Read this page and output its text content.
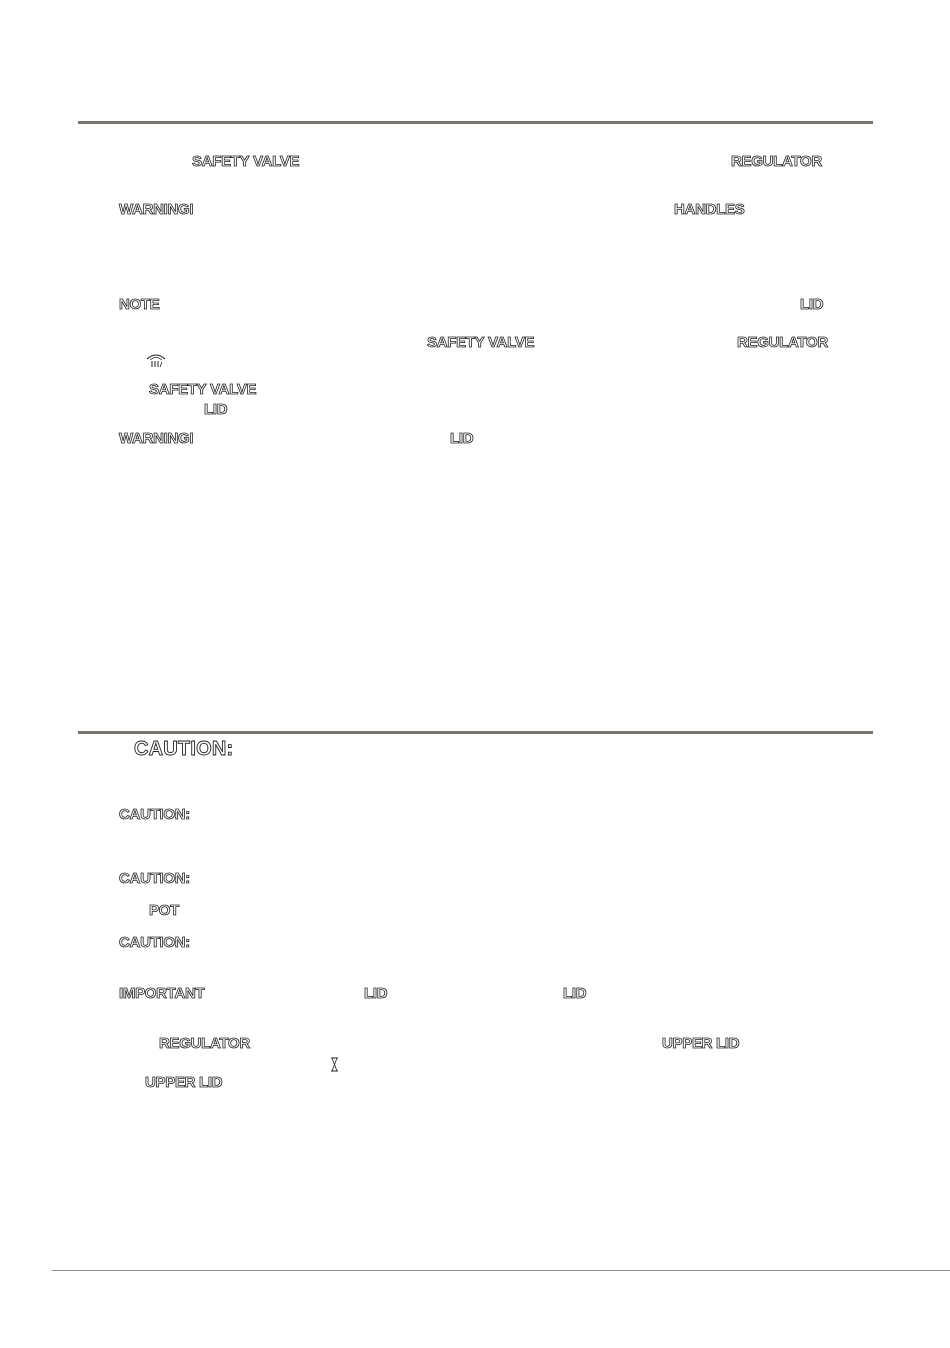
SAFETY VALVE	REGULATOR
WARNINGI	HANDLES
NOTE	LID
SAFETY VALVE	REGULATOR
SAFETY VALVE
LID
WARNINGI	LID
CAUTION:
CAUTION:
CAUTION:
POT
CAUTION:
IMPORTANT	LID	LID
REGULATOR	UPPER LID
UPPER LID
